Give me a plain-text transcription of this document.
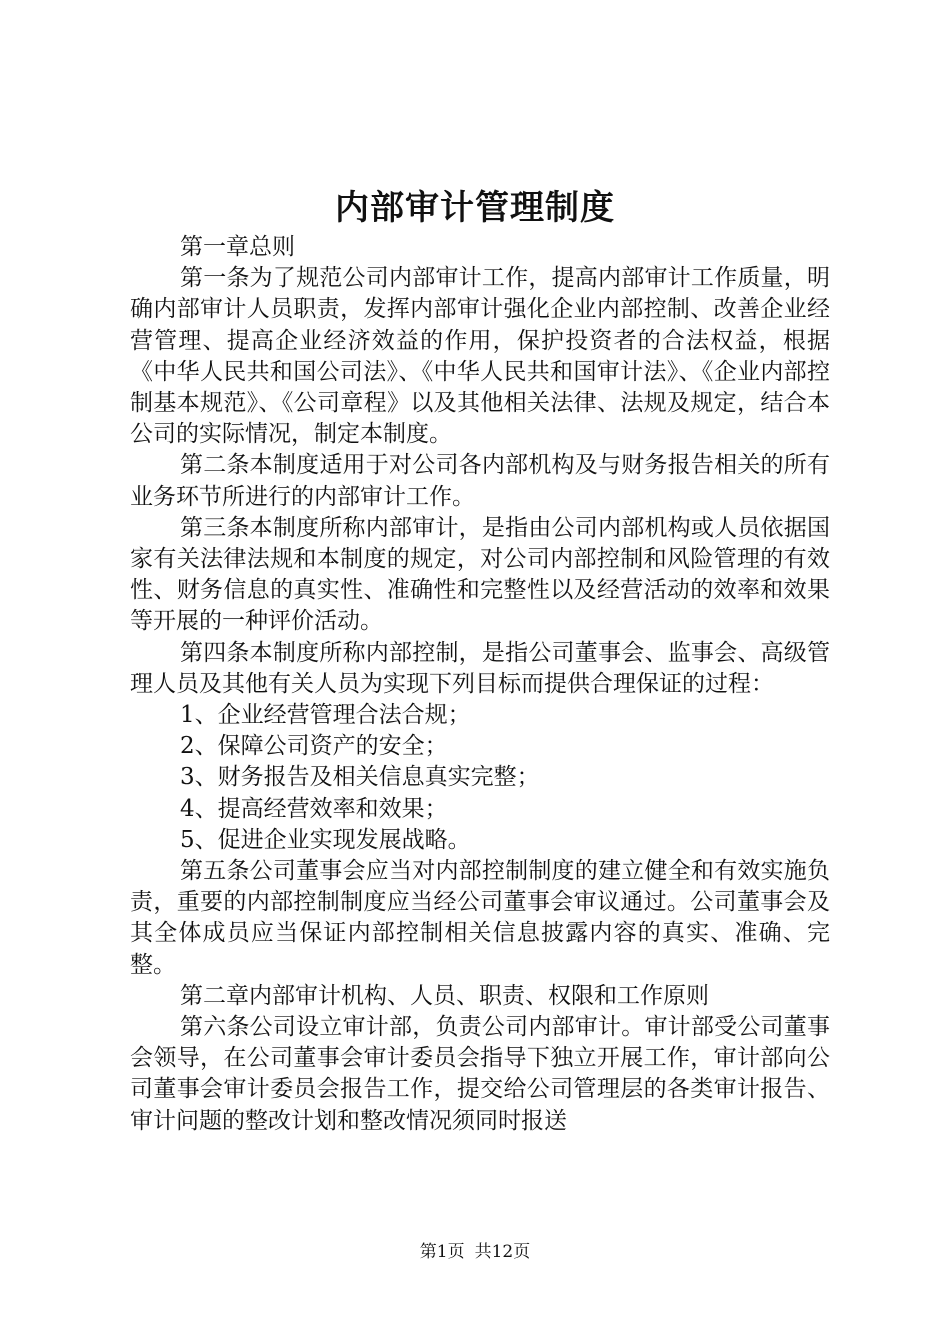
内部审计管理制度

第一章总则

第一条为了规范公司内部审计工作，提高内部审计工作质量，明确内部审计人员职责，发挥内部审计强化企业内部控制、改善企业经营管理、提高企业经济效益的作用，保护投资者的合法权益，根据《中华人民共和国公司法》、《中华人民共和国审计法》、《企业内部控制基本规范》、《公司章程》以及其他相关法律、法规及规定，结合本公司的实际情况，制定本制度。

第二条本制度适用于对公司各内部机构及与财务报告相关的所有业务环节所进行的内部审计工作。

第三条本制度所称内部审计，是指由公司内部机构或人员依据国家有关法律法规和本制度的规定，对公司内部控制和风险管理的有效性、财务信息的真实性、准确性和完整性以及经营活动的效率和效果等开展的一种评价活动。

第四条本制度所称内部控制，是指公司董事会、监事会、高级管理人员及其他有关人员为实现下列目标而提供合理保证的过程：

1、企业经营管理合法合规；

2、保障公司资产的安全；

3、财务报告及相关信息真实完整；

4、提高经营效率和效果；

5、促进企业实现发展战略。

第五条公司董事会应当对内部控制制度的建立健全和有效实施负责，重要的内部控制制度应当经公司董事会审议通过。公司董事会及其全体成员应当保证内部控制相关信息披露内容的真实、准确、完整。

第二章内部审计机构、人员、职责、权限和工作原则

第六条公司设立审计部，负责公司内部审计。审计部受公司董事会领导，在公司董事会审计委员会指导下独立开展工作，审计部向公司董事会审计委员会报告工作，提交给公司管理层的各类审计报告、审计问题的整改计划和整改情况须同时报送

第1页 共12页
